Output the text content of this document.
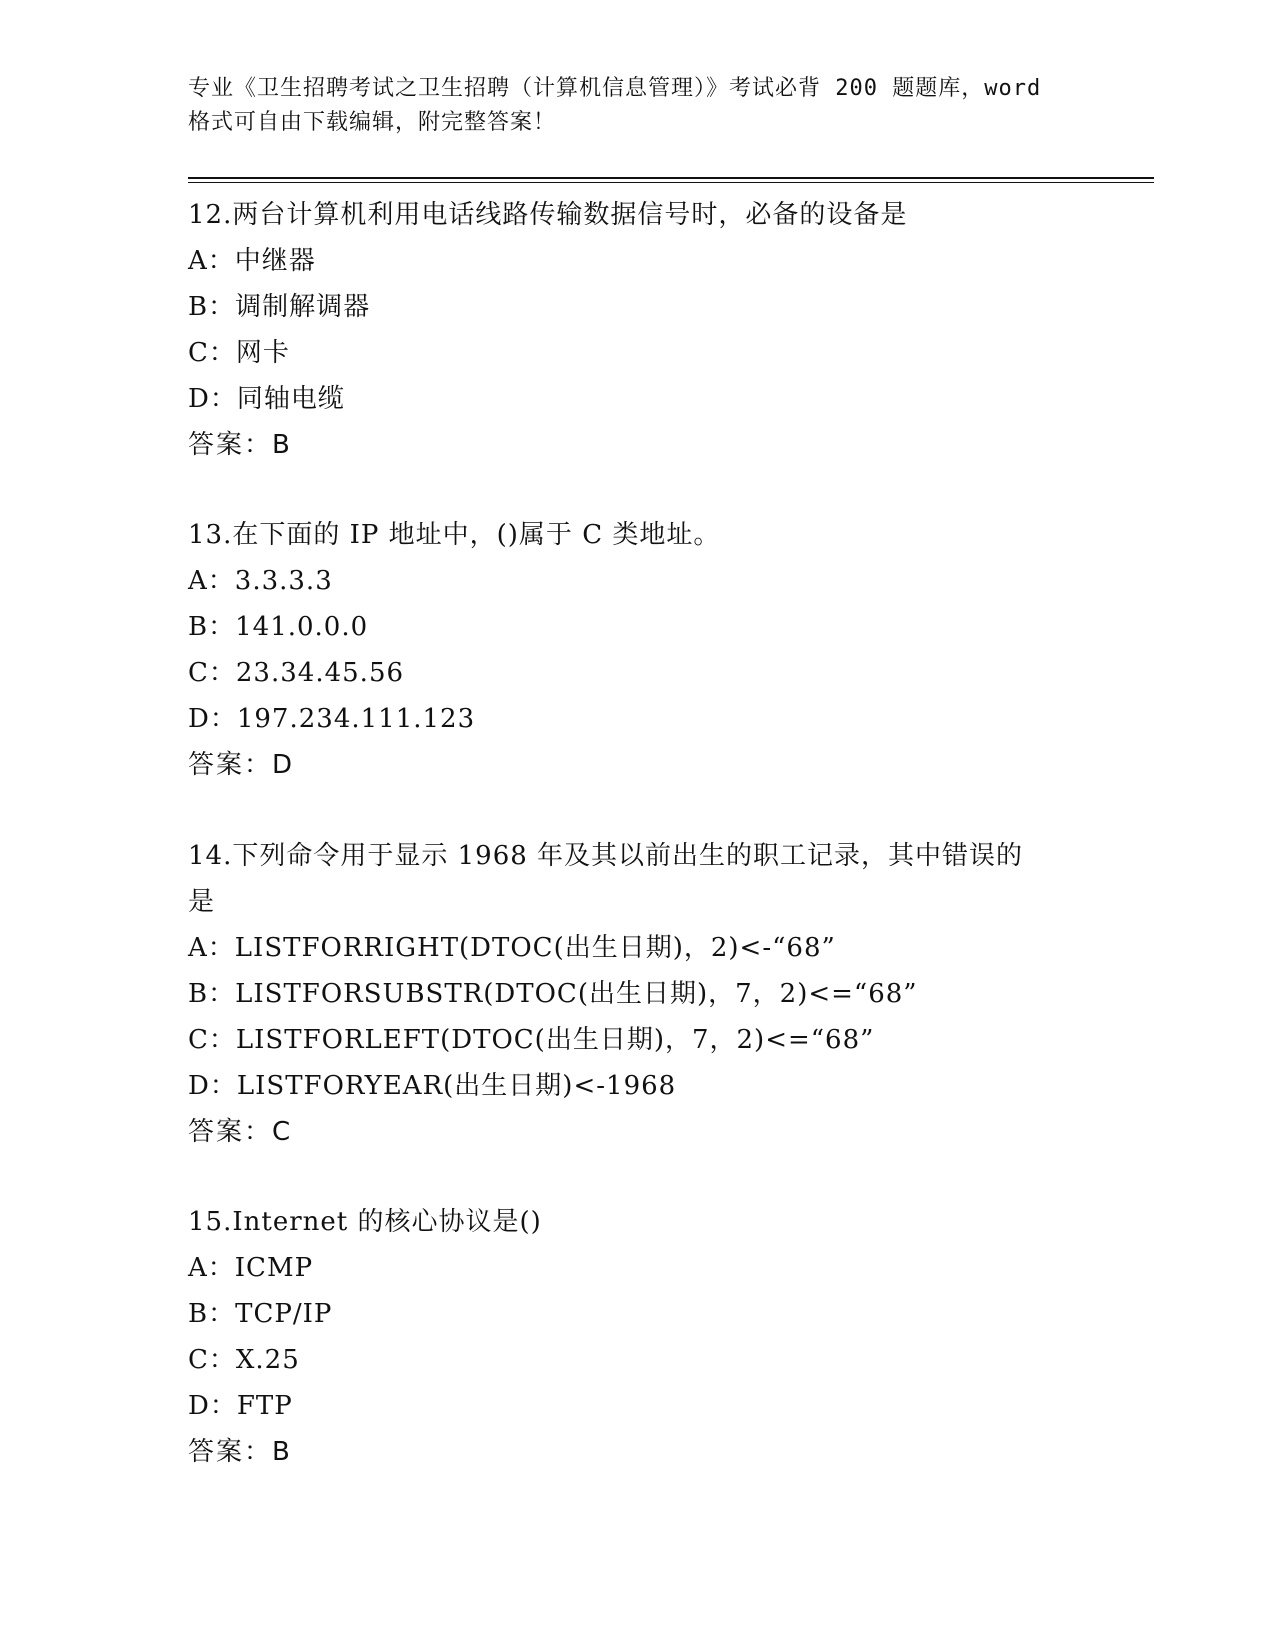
专业《卫生招聘考试之卫生招聘（计算机信息管理）》考试必背 200 题题库，word
格式可自由下载编辑，附完整答案！
12.两台计算机利用电话线路传输数据信号时，必备的设备是
A：中继器
B：调制解调器
C：网卡
D：同轴电缆
答案：B
13.在下面的 IP 地址中，()属于 C 类地址。
A：3.3.3.3
B：141.0.0.0
C：23.34.45.56
D：197.234.111.123
答案：D
14.下列命令用于显示 1968 年及其以前出生的职工记录，其中错误的
是
A：LISTFORRIGHT(DTOC(出生日期)，2)<-“68”
B：LISTFORSUBSTR(DTOC(出生日期)，7，2)<=“68”
C：LISTFORLEFT(DTOC(出生日期)，7，2)<=“68”
D：LISTFORYEAR(出生日期)<-1968
答案：C
15.Internet 的核心协议是()
A：ICMP
B：TCP/IP
C：X.25
D：FTP
答案：B
